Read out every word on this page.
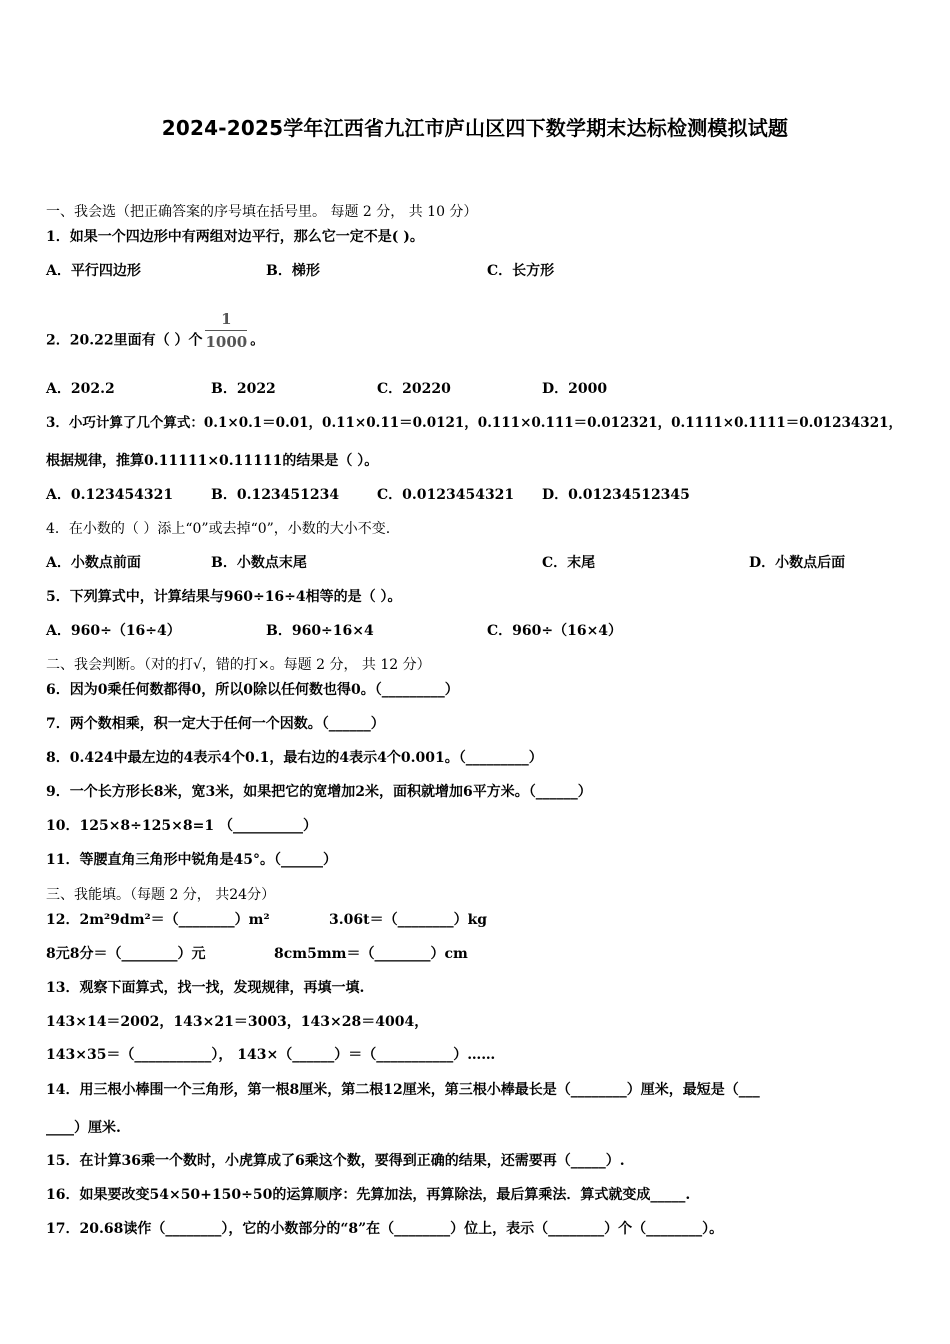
2024-2025学年江西省九江市庐山区四下数学期末达标检测模拟试题
一、我会选（把正确答案的序号填在括号里。 每题 2 分， 共 10 分）
1．如果一个四边形中有两组对边平行，那么它一定不是( )。
A．平行四边形	B．梯形	C．长方形
2．20.22里面有（ ）个 $\frac{1}{1000}$ 。
A．202.2	B．2022	C．20220	D．2000
3．小巧计算了几个算式：0.1×0.1＝0.01，0.11×0.11＝0.0121，0.111×0.111＝0.012321，0.1111×0.1111＝0.01234321，
根据规律，推算0.11111×0.11111的结果是（ ）。
A．0.123454321	B．0.123451234	C．0.0123454321 D．0.01234512345
4．在小数的（ ）添上“0”或去掉“0”，小数的大小不变.
A．小数点前面	B．小数点末尾	C．末尾	D．小数点后面
5．下列算式中，计算结果与960÷16÷4相等的是（ ）。
A．960÷（16÷4）	B．960÷16×4	C．960÷（16×4）
二、我会判断。（对的打√，错的打×。每题 2 分， 共 12 分）
6．因为0乘任何数都得0，所以0除以任何数也得0。（_________）
7．两个数相乘，积一定大于任何一个因数。（______）
8．0.424中最左边的4表示4个0.1，最右边的4表示4个0.001。（_________）
9．一个长方形长8米，宽3米，如果把它的宽增加2米，面积就增加6平方米。（______）
10．125×8÷125×8=1 （__________）
11．等腰直角三角形中锐角是45°。（______）
三、我能填。（每题 2 分， 共24分）
12．2m²9dm²＝（________）m²	3.06t＝（________）kg
8元8分＝（________）元	8cm5mm＝（________）cm
13．观察下面算式，找一找，发现规律，再填一填.
143×14＝2002，143×21＝3003，143×28＝4004，
143×35＝（___________）， 143×（______）＝（___________）……
14．用三根小棒围一个三角形，第一根8厘米，第二根12厘米，第三根小棒最长是（________）厘米，最短是（___
____）厘米.
15．在计算36乘一个数时，小虎算成了6乘这个数，要得到正确的结果，还需要再（_____）.
16．如果要改变54×50+150÷50的运算顺序：先算加法，再算除法，最后算乘法．算式就变成_____.
17．20.68读作（________），它的小数部分的“8”在（________）位上，表示（________）个（________）。
